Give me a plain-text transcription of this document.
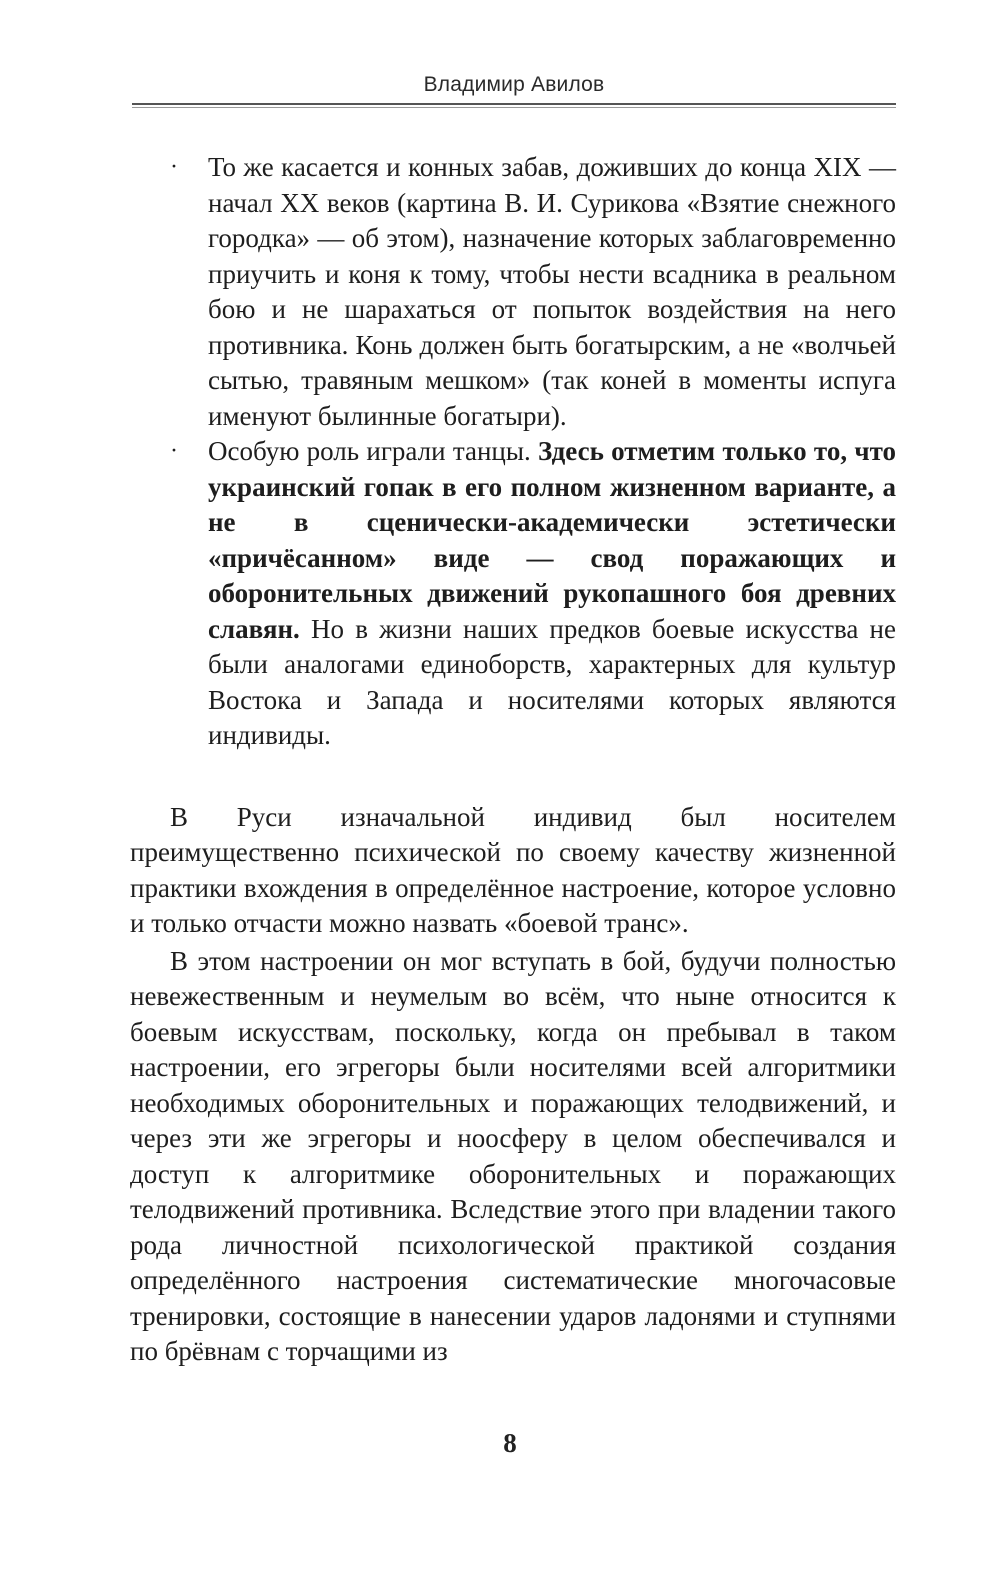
Владимир Авилов
· То же касается и конных забав, доживших до конца XIX — начал XX веков (картина В. И. Сурикова «Взятие снежного городка» — об этом), назначение которых заблаговременно приучить и коня к тому, чтобы нести всадника в реальном бою и не шарахаться от попыток воздействия на него противника. Конь должен быть богатырским, а не «волчьей сытью, травяным мешком» (так коней в моменты испуга именуют былинные богатыри).
· Особую роль играли танцы. Здесь отметим только то, что украинский гопак в его полном жизненном варианте, а не в сценически-академически эстетически «причёсанном» виде — свод поражающих и оборонительных движений рукопашного боя древних славян. Но в жизни наших предков боевые искусства не были аналогами единоборств, характерных для культур Востока и Запада и носителями которых являются индивиды.

В Руси изначальной индивид был носителем преимущественно психической по своему качеству жизненной практики вхождения в определённое настроение, которое условно и только отчасти можно назвать «боевой транс».

В этом настроении он мог вступать в бой, будучи полностью невежественным и неумелым во всём, что ныне относится к боевым искусствам, поскольку, когда он пребывал в таком настроении, его эгрегоры были носителями всей алгоритмики необходимых оборонительных и поражающих телодвижений, и через эти же эгрегоры и ноосферу в целом обеспечивался и доступ к алгоритмике оборонительных и поражающих телодвижений противника. Вследствие этого при владении такого рода личностной психологической практикой создания определённого настроения систематические многочасовые тренировки, состоящие в нанесении ударов ладонями и ступнями по брёвнам с торчащими из

8
